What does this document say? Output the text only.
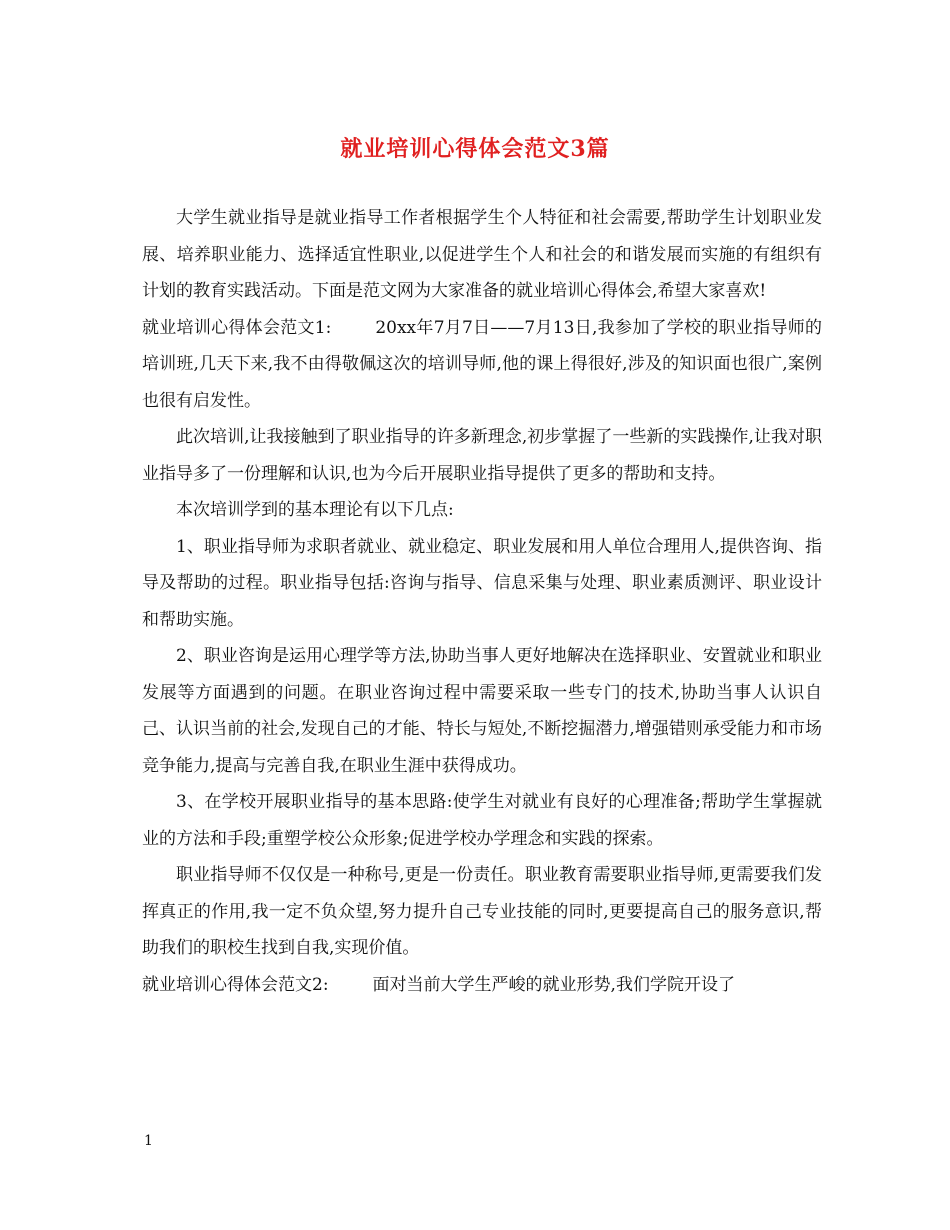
就业培训心得体会范文3篇

大学生就业指导是就业指导工作者根据学生个人特征和社会需要,帮助学生计划职业发展、培养职业能力、选择适宜性职业,以促进学生个人和社会的和谐发展而实施的有组织有计划的教育实践活动。下面是范文网为大家准备的就业培训心得体会,希望大家喜欢!

就业培训心得体会范文1:	20xx年7月7日——7月13日,我参加了学校的职业指导师的培训班,几天下来,我不由得敬佩这次的培训导师,他的课上得很好,涉及的知识面也很广,案例也很有启发性。

此次培训,让我接触到了职业指导的许多新理念,初步掌握了一些新的实践操作,让我对职业指导多了一份理解和认识,也为今后开展职业指导提供了更多的帮助和支持。

本次培训学到的基本理论有以下几点:

1、职业指导师为求职者就业、就业稳定、职业发展和用人单位合理用人,提供咨询、指导及帮助的过程。职业指导包括:咨询与指导、信息采集与处理、职业素质测评、职业设计和帮助实施。

2、职业咨询是运用心理学等方法,协助当事人更好地解决在选择职业、安置就业和职业发展等方面遇到的问题。在职业咨询过程中需要采取一些专门的技术,协助当事人认识自己、认识当前的社会,发现自己的才能、特长与短处,不断挖掘潜力,增强错则承受能力和市场竞争能力,提高与完善自我,在职业生涯中获得成功。

3、在学校开展职业指导的基本思路:使学生对就业有良好的心理准备;帮助学生掌握就业的方法和手段;重塑学校公众形象;促进学校办学理念和实践的探索。

职业指导师不仅仅是一种称号,更是一份责任。职业教育需要职业指导师,更需要我们发挥真正的作用,我一定不负众望,努力提升自己专业技能的同时,更要提高自己的服务意识,帮助我们的职校生找到自我,实现价值。

就业培训心得体会范文2:	面对当前大学生严峻的就业形势,我们学院开设了

1
